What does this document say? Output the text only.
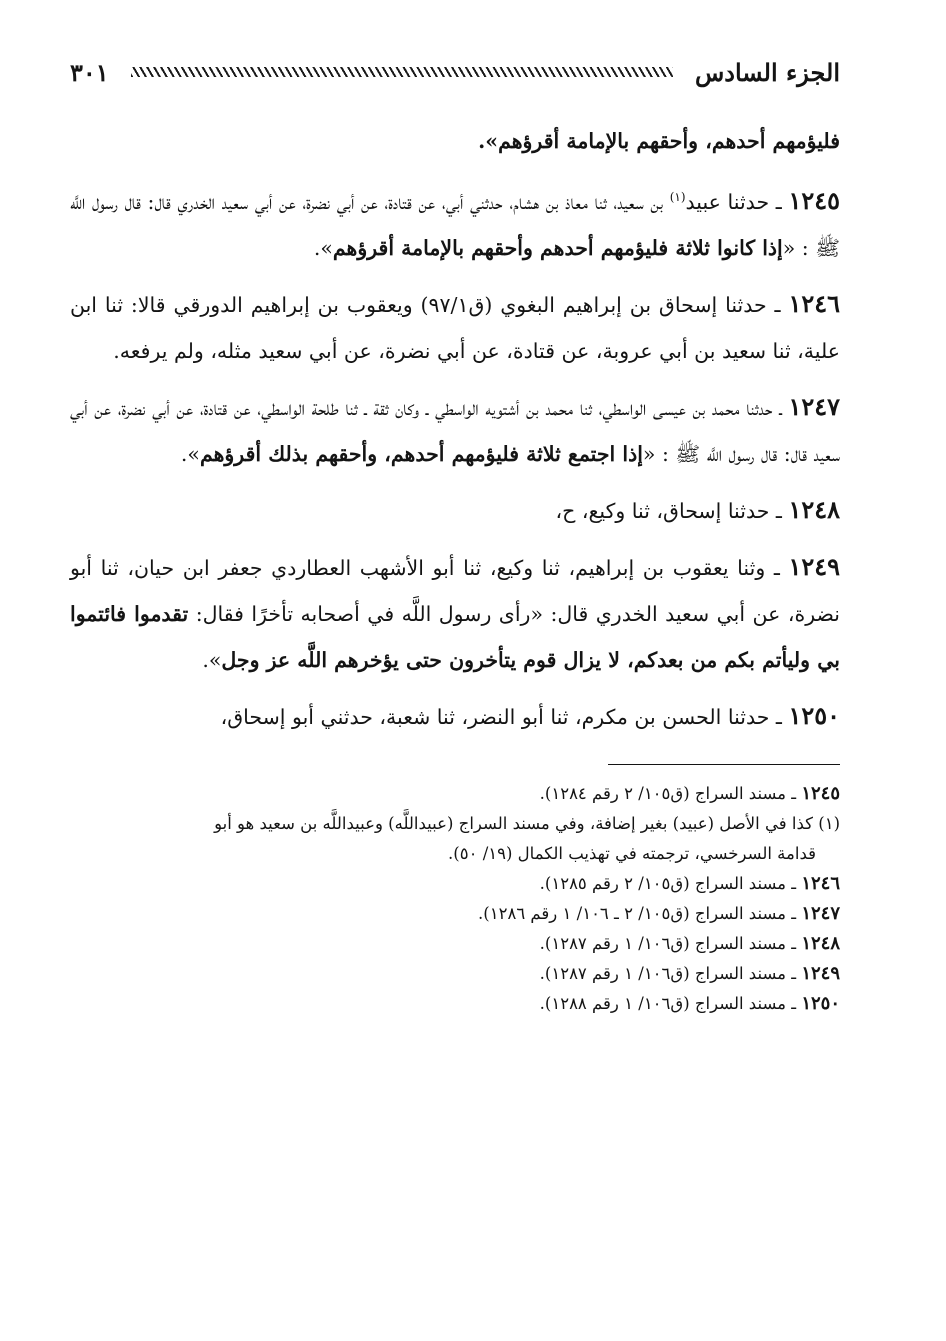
الجزء السادس
٣٠١

فليؤمهم أحدهم، وأحقهم بالإمامة أقرؤهم».

١٢٤٥ ـ حدثنا عبيد$^{(١)}$ بن سعيد، ثنا معاذ بن هشام، حدثني أبي، عن قتادة، عن أبي نضرة، عن أبي سعيد الخدري قال: قال رسول اللَّه ﷺ : «إذا كانوا ثلاثة فليؤمهم أحدهم وأحقهم بالإمامة أقرؤهم».

١٢٤٦ ـ حدثنا إسحاق بن إبراهيم البغوي (ق٩٧/١) ويعقوب بن إبراهيم الدورقي قالا: ثنا ابن علية، ثنا سعيد بن أبي عروبة، عن قتادة، عن أبي نضرة، عن أبي سعيد مثله، ولم يرفعه.

١٢٤٧ ـ حدثنا محمد بن عيسى الواسطي، ثنا محمد بن أشتويه الواسطي ـ وكان ثقة ـ ثنا طلحة الواسطي، عن قتادة، عن أبي نضرة، عن أبي سعيد قال: قال رسول اللَّه ﷺ : «إذا اجتمع ثلاثة فليؤمهم أحدهم، وأحقهم بذلك أقرؤهم».

١٢٤٨ ـ حدثنا إسحاق، ثنا وكيع، ح،

١٢٤٩ ـ وثنا يعقوب بن إبراهيم، ثنا وكيع، ثنا أبو الأشهب العطاردي جعفر ابن حيان، ثنا أبو نضرة، عن أبي سعيد الخدري قال: «رأى رسول اللَّه في أصحابه تأخرًا فقال: تقدموا فائتموا بي وليأتم بكم من بعدكم، لا يزال قوم يتأخرون حتى يؤخرهم اللَّه عز وجل».

١٢٥٠ ـ حدثنا الحسن بن مكرم، ثنا أبو النضر، ثنا شعبة، حدثني أبو إسحاق،

١٢٤٥ ـ مسند السراج (ق١٠٥/ ٢ رقم ١٢٨٤).

(١) كذا في الأصل (عبيد) بغير إضافة، وفي مسند السراج (عبيداللَّه) وعبيداللَّه بن سعيد هو أبو

قدامة السرخسي، ترجمته في تهذيب الكمال (١٩/ ٥٠).

١٢٤٦ ـ مسند السراج (ق١٠٥/ ٢ رقم ١٢٨٥).

١٢٤٧ ـ مسند السراج (ق١٠٥/ ٢ ـ ١٠٦/ ١ رقم ١٢٨٦).

١٢٤٨ ـ مسند السراج (ق١٠٦/ ١ رقم ١٢٨٧).

١٢٤٩ ـ مسند السراج (ق١٠٦/ ١ رقم ١٢٨٧).

١٢٥٠ ـ مسند السراج (ق١٠٦/ ١ رقم ١٢٨٨).
